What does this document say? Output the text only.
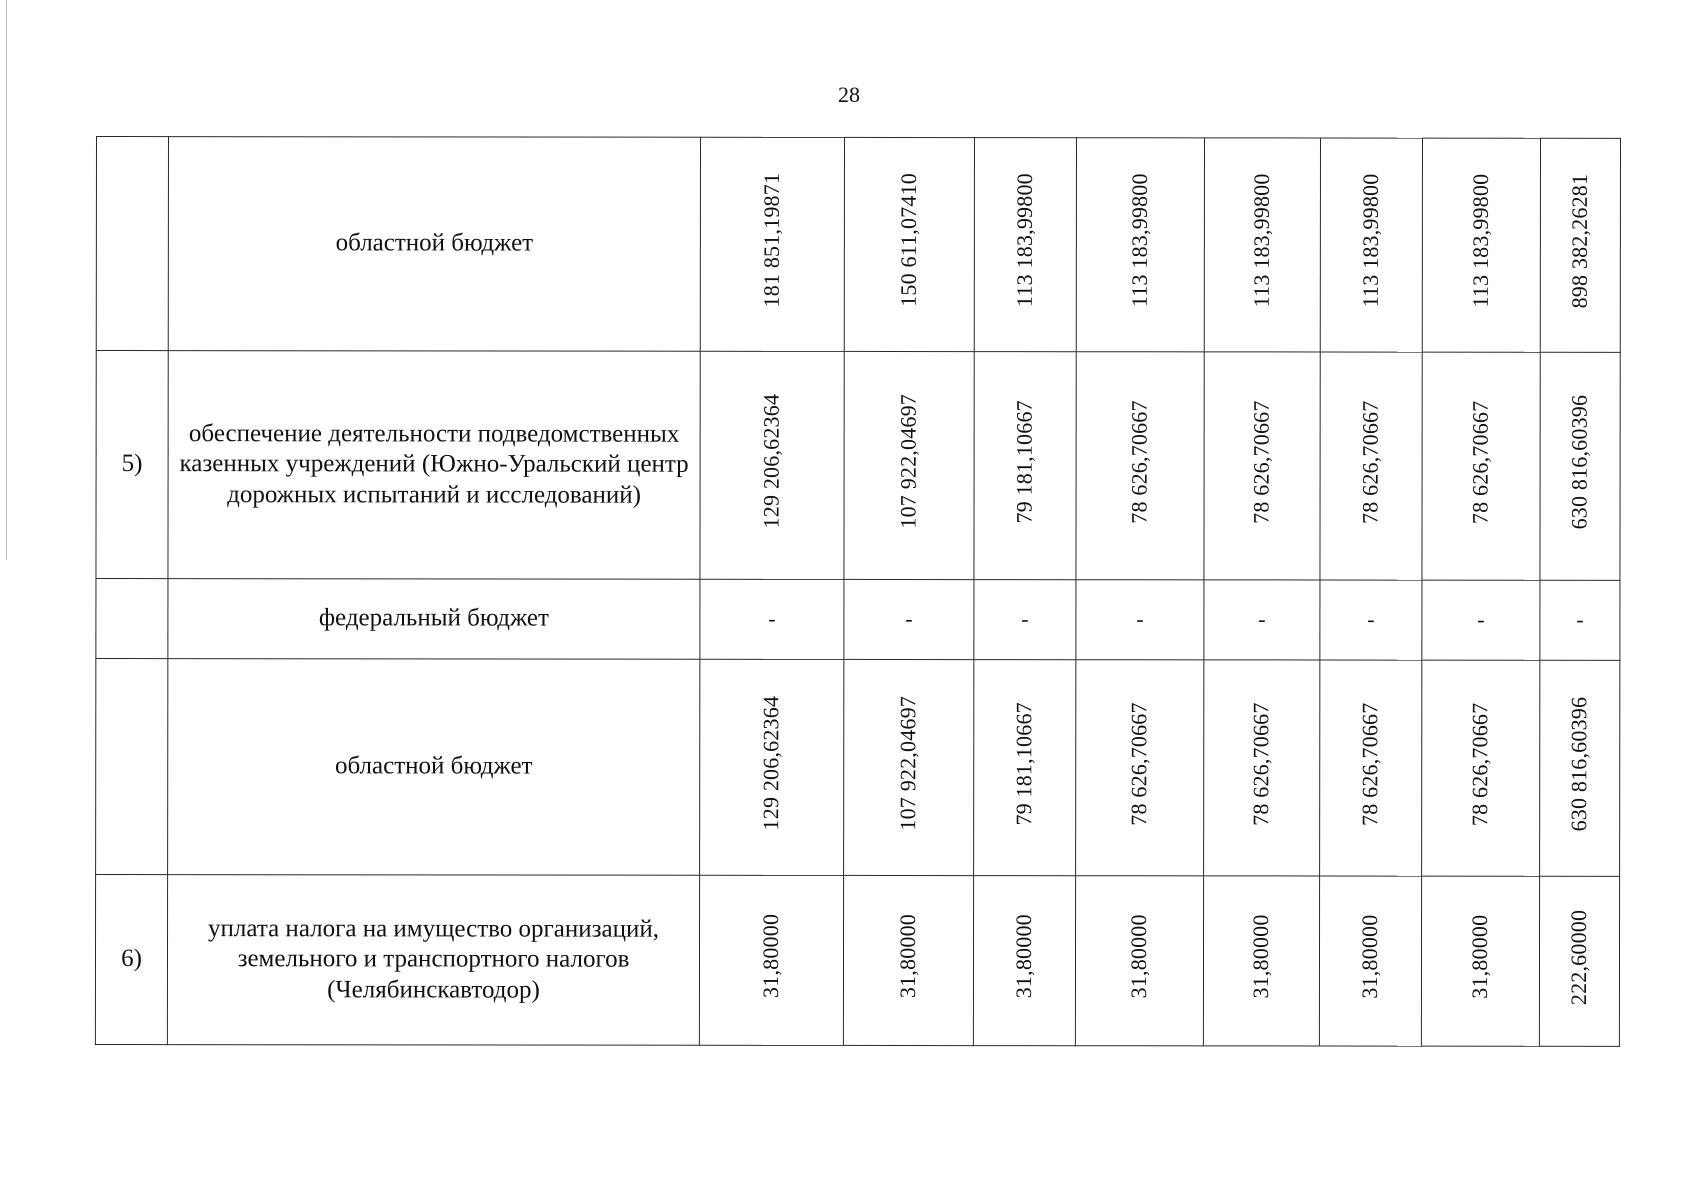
28
	областной бюджет	181 851,19871	150 611,07410	113 183,99800	113 183,99800	113 183,99800	113 183,99800	113 183,99800	898 382,26281
5)	обеспечение деятельности подведомственных казенных учреждений (Южно-Уральский центр дорожных испытаний и исследований)	129 206,62364	107 922,04697	79 181,10667	78 626,70667	78 626,70667	78 626,70667	78 626,70667	630 816,60396
	федеральный бюджет	-	-	-	-	-	-	-	-
	областной бюджет	129 206,62364	107 922,04697	79 181,10667	78 626,70667	78 626,70667	78 626,70667	78 626,70667	630 816,60396
6)	уплата налога на имущество организаций, земельного и транспортного налогов (Челябинскавтодор)	31,80000	31,80000	31,80000	31,80000	31,80000	31,80000	31,80000	222,60000
